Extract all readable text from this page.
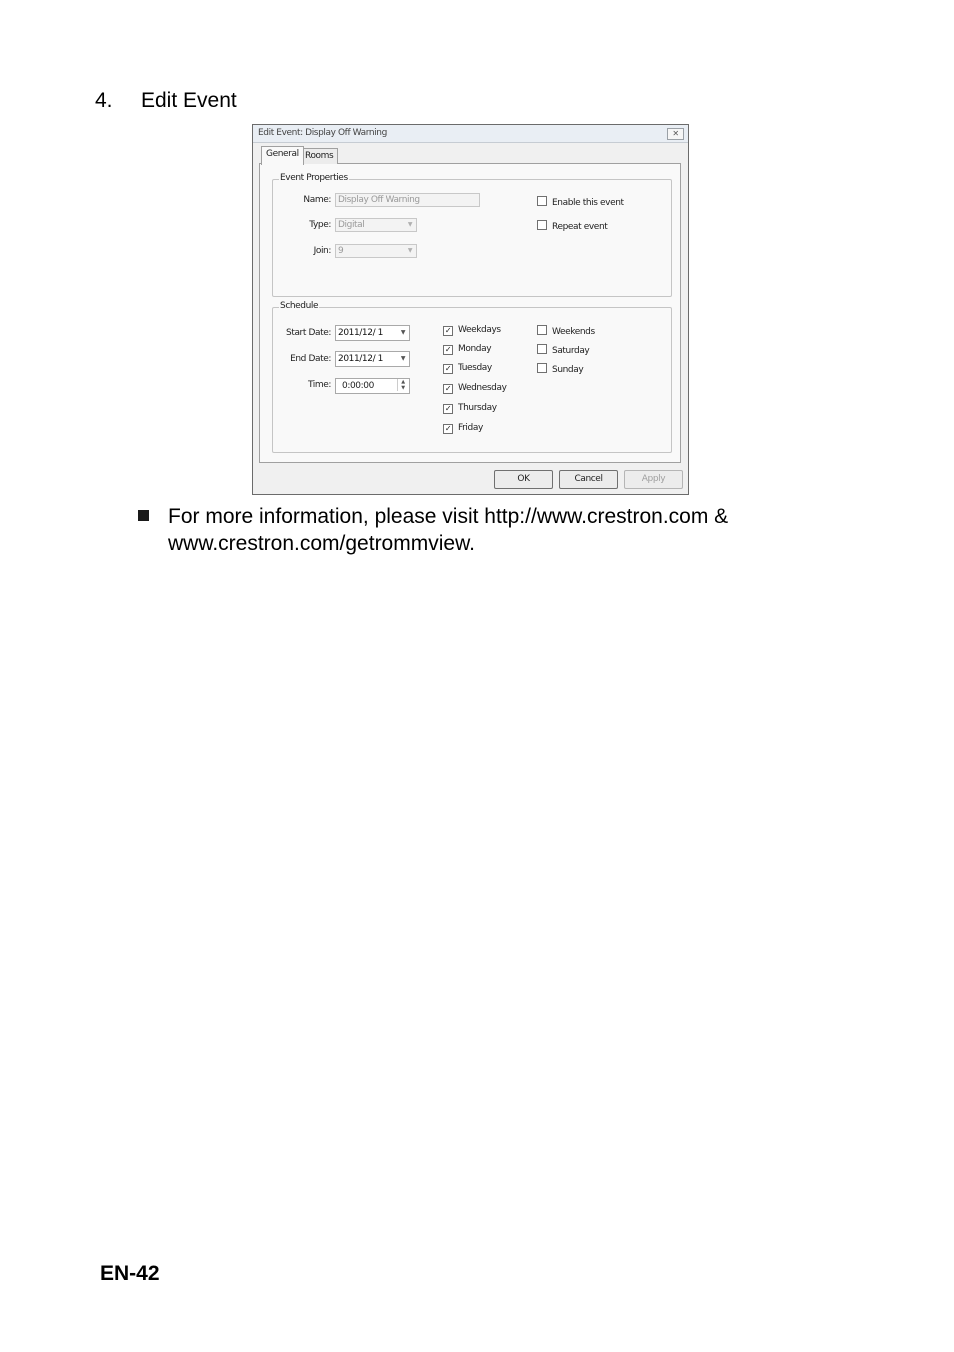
4. Edit Event
Edit Event: Display Off Warning	✕
Event Properties
Name: Display Off Warning
Type: Digital	▼
Join: 9	▼
Enable this event
Repeat event
Schedule
Start Date: 2011/12/ 1	▼
End Date: 2011/12/ 1	▼
Time:	0:00:00	▲
▼
✓ Weekdays
✓ Monday
✓ Tuesday
✓ Wednesday
✓ Thursday
✓ Friday
Weekends
Saturday
Sunday
Rooms
General
OK	Cancel	Apply
For more information, please visit http://www.crestron.com & www.crestron.com/getrommview.
EN-42
